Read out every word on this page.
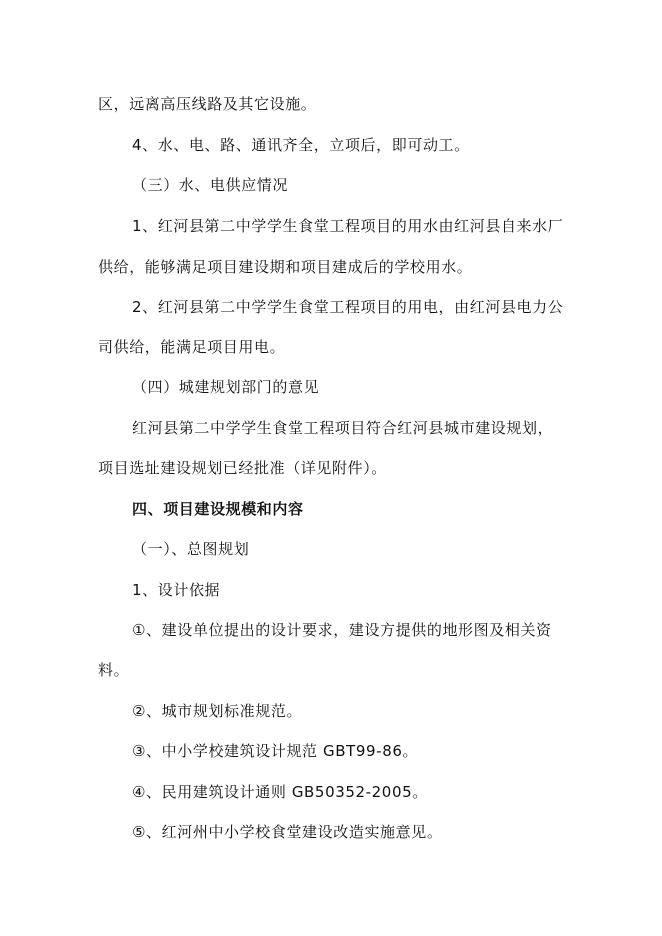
区，远离高压线路及其它设施。
4、水、电、路、通讯齐全，立项后，即可动工。
（三）水、电供应情况
1、红河县第二中学学生食堂工程项目的用水由红河县自来水厂
供给，能够满足项目建设期和项目建成后的学校用水。
2、红河县第二中学学生食堂工程项目的用电，由红河县电力公
司供给，能满足项目用电。
（四）城建规划部门的意见
红河县第二中学学生食堂工程项目符合红河县城市建设规划，
项目选址建设规划已经批准（详见附件）。
四、项目建设规模和内容
（一）、总图规划
1、设计依据
①、建设单位提出的设计要求，建设方提供的地形图及相关资
料。
②、城市规划标准规范。
③、中小学校建筑设计规范 GBT99-86。
④、民用建筑设计通则 GB50352-2005。
⑤、红河州中小学校食堂建设改造实施意见。
